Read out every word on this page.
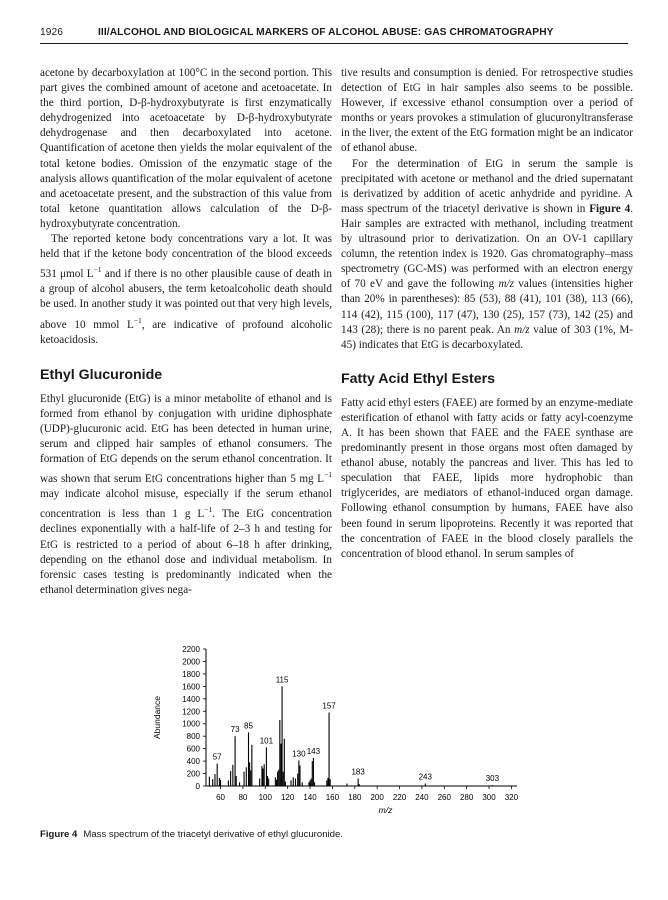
1926	III/ALCOHOL AND BIOLOGICAL MARKERS OF ALCOHOL ABUSE: GAS CHROMATOGRAPHY

acetone by decarboxylation at 100°C in the second portion. This part gives the combined amount of acetone and acetoacetate. In the third portion, D-β-hydroxybutyrate is first enzymatically dehydrogenized into acetoacetate by D-β-hydroxybutyrate dehydrogenase and then decarboxylated into acetone. Quantification of acetone then yields the molar equivalent of the total ketone bodies. Omission of the enzymatic stage of the analysis allows quantification of the molar equivalent of acetone and acetoacetate present, and the substraction of this value from total ketone quantitation allows calculation of the D-β-hydroxybutyrate concentration.

The reported ketone body concentrations vary a lot. It was held that if the ketone body concentration of the blood exceeds 531 μmol $L^{-1}$ and if there is no other plausible cause of death in a group of alcohol abusers, the term ketoalcoholic death should be used. In another study it was pointed out that very high levels, above 10 mmol $L^{-1}$, are indicative of profound alcoholic ketoacidosis.

Ethyl Glucuronide

Ethyl glucuronide (EtG) is a minor metabolite of ethanol and is formed from ethanol by conjugation with uridine diphosphate (UDP)-glucuronic acid. EtG has been detected in human urine, serum and clipped hair samples of ethanol consumers. The formation of EtG depends on the serum ethanol concentration. It was shown that serum EtG concentrations higher than 5 mg $L^{-1}$ may indicate alcohol misuse, especially if the serum ethanol concentration is less than 1 g $L^{-1}$. The EtG concentration declines exponentially with a half-life of 2–3 h and testing for EtG is restricted to a period of about 6–18 h after drinking, depending on the ethanol dose and individual metabolism. In forensic cases testing is predominantly indicated when the ethanol determination gives nega-

tive results and consumption is denied. For retrospective studies detection of EtG in hair samples also seems to be possible. However, if excessive ethanol consumption over a period of months or years provokes a stimulation of glucuronyltransferase in the liver, the extent of the EtG formation might be an indicator of ethanol abuse.

For the determination of EtG in serum the sample is precipitated with acetone or methanol and the dried supernatant is derivatized by addition of acetic anhydride and pyridine. A mass spectrum of the triacetyl derivative is shown in Figure 4. Hair samples are extracted with methanol, including treatment by ultrasound prior to derivatization. On an OV-1 capillary column, the retention index is 1920. Gas chromatography–mass spectrometry (GC-MS) was performed with an electron energy of 70 eV and gave the following m/z values (intensities higher than 20% in parentheses): 85 (53), 88 (41), 101 (38), 113 (66), 114 (42), 115 (100), 117 (47), 130 (25), 157 (73), 142 (25) and 143 (28); there is no parent peak. An m/z value of 303 (1%, M-45) indicates that EtG is decarboxylated.

Fatty Acid Ethyl Esters

Fatty acid ethyl esters (FAEE) are formed by an enzyme-mediate esterification of ethanol with fatty acids or fatty acyl-coenzyme A. It has been shown that FAEE and the FAEE synthase are predominantly present in those organs most often damaged by ethanol abuse, notably the pancreas and liver. This has led to speculation that FAEE, lipids more hydrophobic than triglycerides, are mediators of ethanol-induced organ damage. Following ethanol consumption by humans, FAEE have also been found in serum lipoproteins. Recently it was reported that the concentration of FAEE in the blood closely parallels the concentration of blood ethanol. In serum samples of

0
200
400
600
800
1000
1200
1400
1600
1800
2000
2200
60 80 100 120 140 160 180 200 220 240 260 280 300 320
Abundance
m/z
57
73 85
101
115
130 143
157
183
243	303
Figure 4 Mass spectrum of the triacetyl derivative of ethyl glucuronide.
